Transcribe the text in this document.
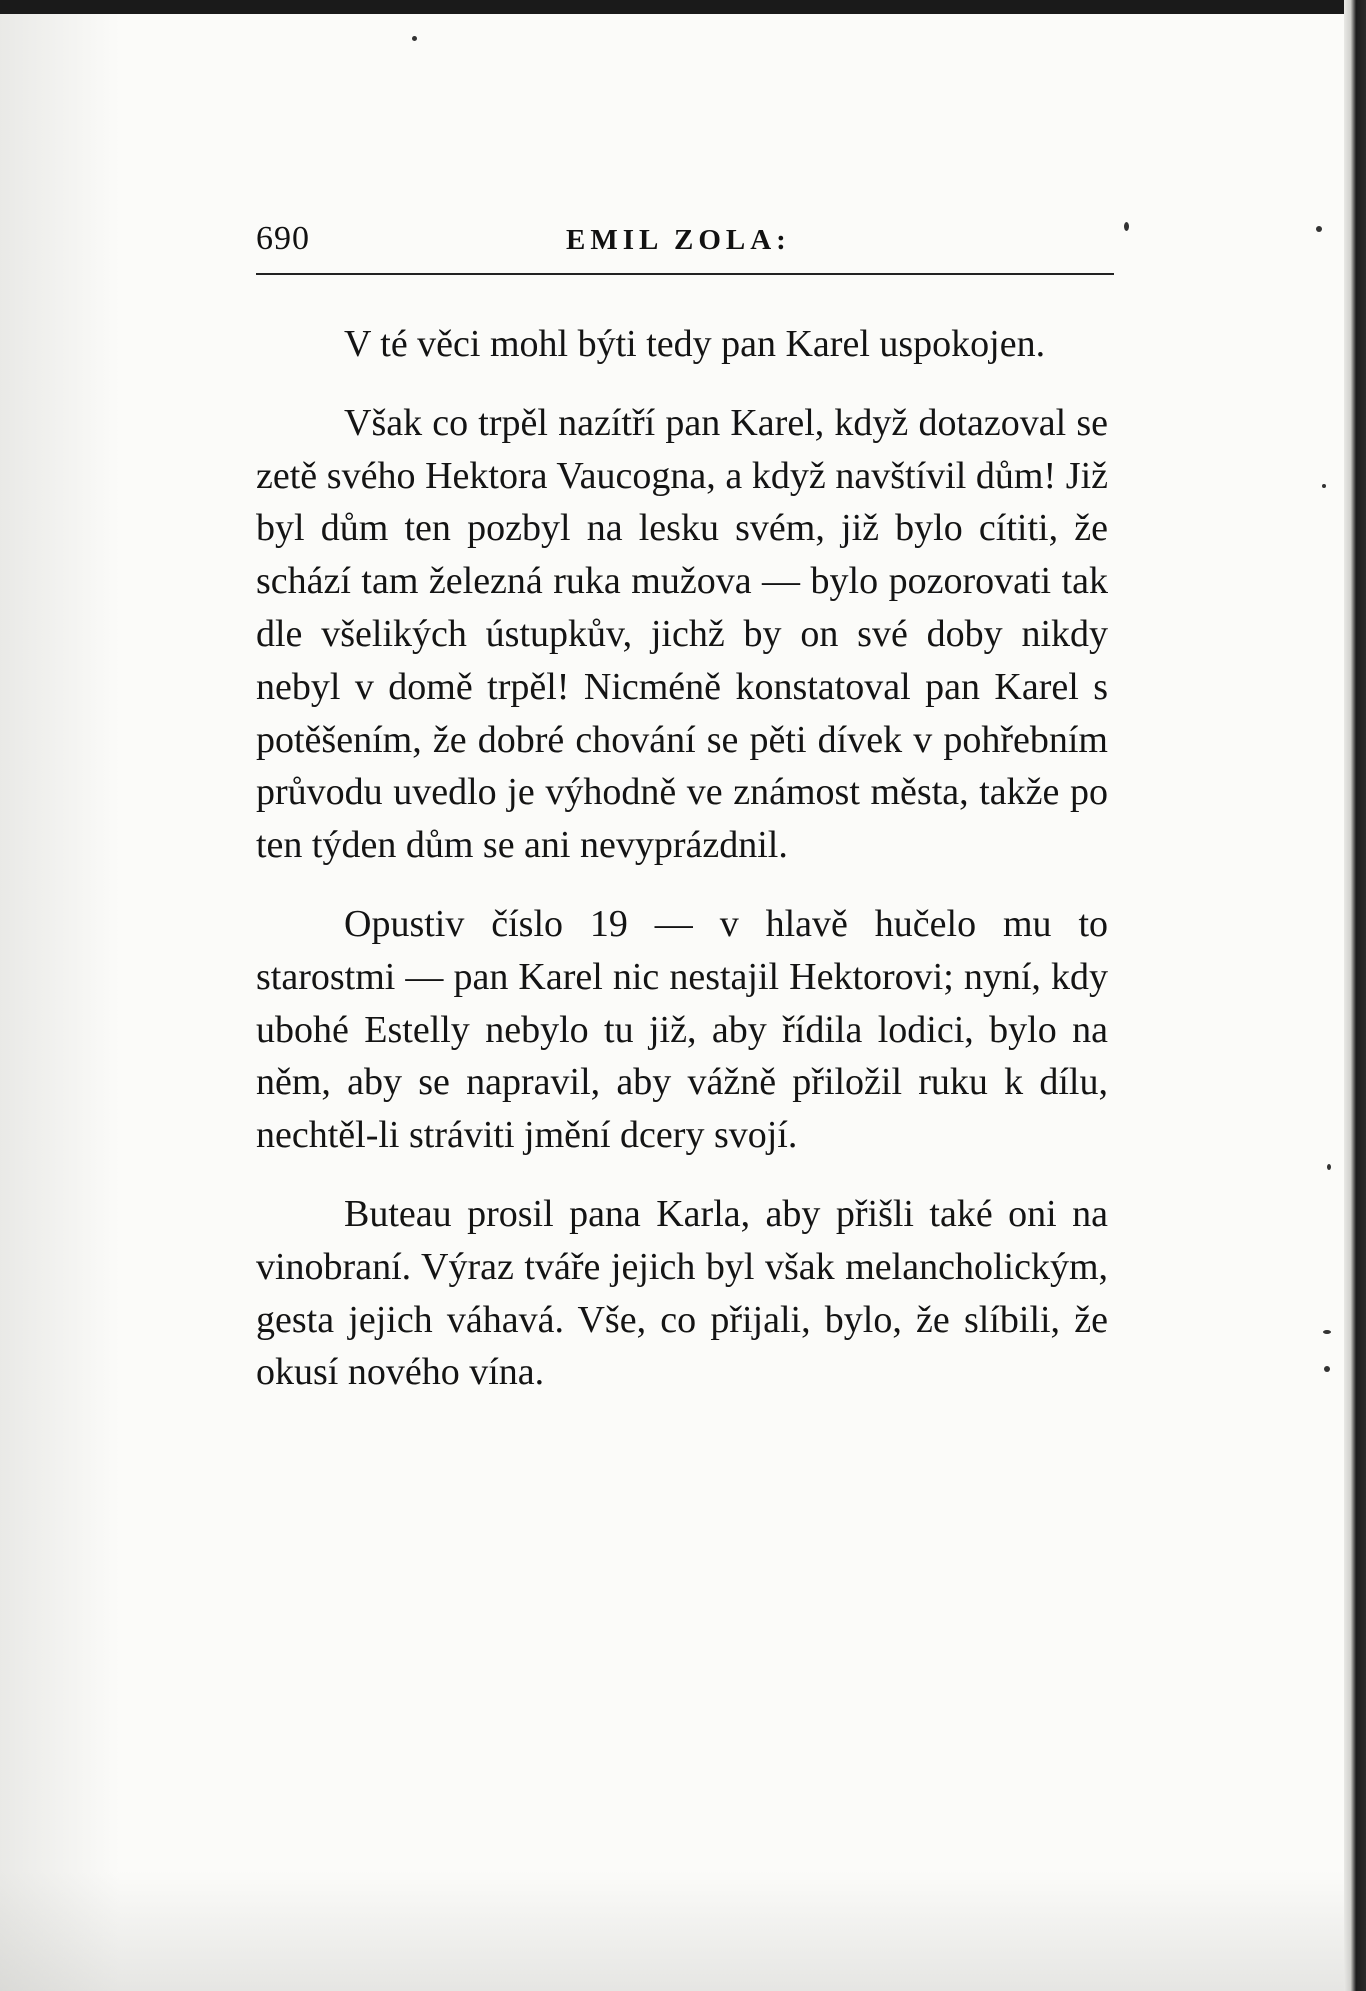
690	EMIL ZOLA:

V té věci mohl býti tedy pan Karel uspokojen.

Však co trpěl nazítří pan Karel, když dotazoval se zetě svého Hektora Vaucogna, a když navštívil dům! Již byl dům ten pozbyl na lesku svém, již bylo cítiti, že schází tam železná ruka mužova — bylo pozorovati tak dle všelikých ústupkův, jichž by on své doby nikdy nebyl v domě trpěl! Nicméně konstatoval pan Karel s potěšením, že dobré chování se pěti dívek v pohřebním průvodu uvedlo je výhodně ve známost města, takže po ten týden dům se ani nevyprázdnil.

Opustiv číslo 19 — v hlavě hučelo mu to starostmi — pan Karel nic nestajil Hektorovi; nyní, kdy ubohé Estelly nebylo tu již, aby řídila lodici, bylo na něm, aby se napravil, aby vážně přiložil ruku k dílu, nechtěl-li stráviti jmění dcery svojí.

Buteau prosil pana Karla, aby přišli také oni na vinobraní. Výraz tváře jejich byl však melancholickým, gesta jejich váhavá. Vše, co přijali, bylo, že slíbili, že okusí nového vína.
